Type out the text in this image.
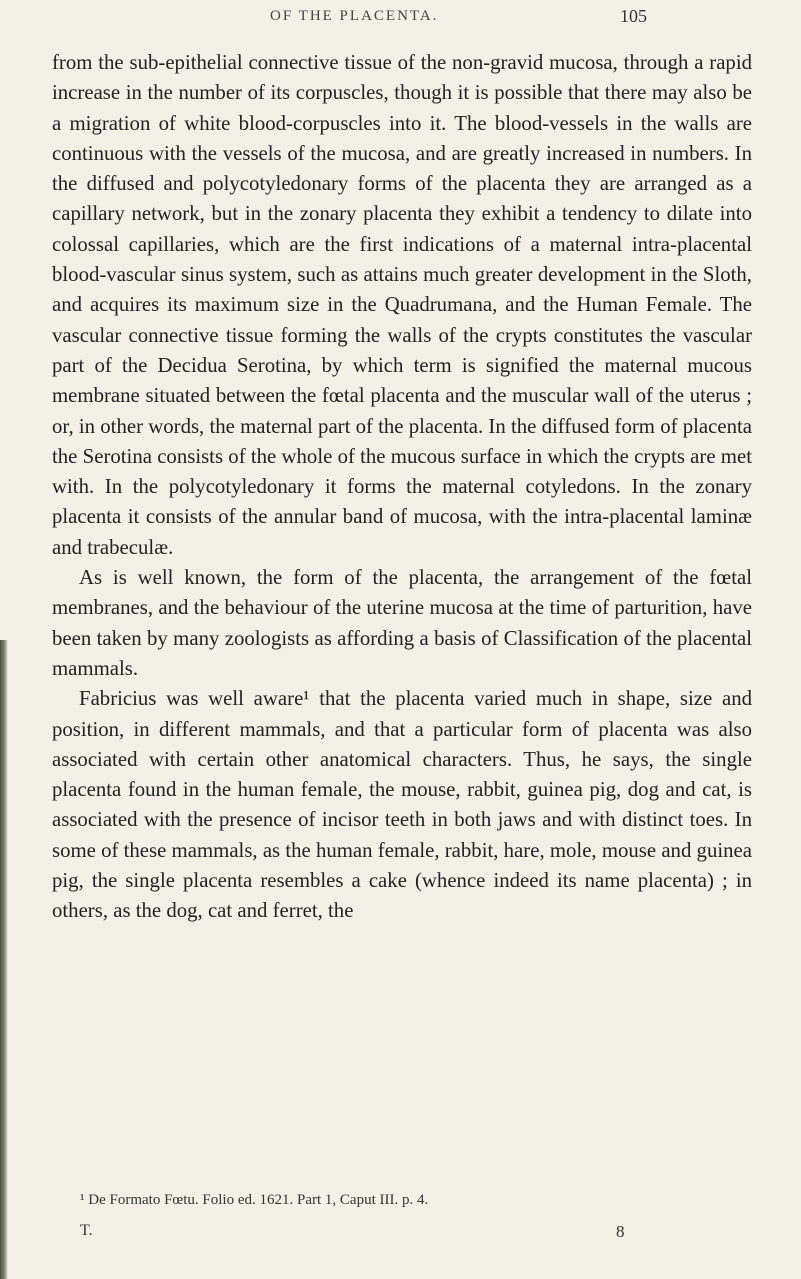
OF THE PLACENTA.	105

from the sub-epithelial connective tissue of the non-gravid mucosa, through a rapid increase in the number of its corpuscles, though it is possible that there may also be a migration of white blood-corpuscles into it. The blood-vessels in the walls are continuous with the vessels of the mucosa, and are greatly increased in numbers. In the diffused and polycotyledonary forms of the placenta they are arranged as a capillary network, but in the zonary placenta they exhibit a tendency to dilate into colossal capillaries, which are the first indications of a maternal intra-placental blood-vascular sinus system, such as attains much greater development in the Sloth, and acquires its maximum size in the Quadrumana, and the Human Female. The vascular connective tissue forming the walls of the crypts constitutes the vascular part of the Decidua Serotina, by which term is signified the maternal mucous membrane situated between the fœtal placenta and the muscular wall of the uterus ; or, in other words, the maternal part of the placenta. In the diffused form of placenta the Serotina consists of the whole of the mucous surface in which the crypts are met with. In the polycotyledonary it forms the maternal cotyledons. In the zonary placenta it consists of the annular band of mucosa, with the intra-placental laminæ and trabeculæ.

As is well known, the form of the placenta, the arrangement of the fœtal membranes, and the behaviour of the uterine mucosa at the time of parturition, have been taken by many zoologists as affording a basis of Classification of the placental mammals.

Fabricius was well aware¹ that the placenta varied much in shape, size and position, in different mammals, and that a particular form of placenta was also associated with certain other anatomical characters. Thus, he says, the single placenta found in the human female, the mouse, rabbit, guinea pig, dog and cat, is associated with the presence of incisor teeth in both jaws and with distinct toes. In some of these mammals, as the human female, rabbit, hare, mole, mouse and guinea pig, the single placenta resembles a cake (whence indeed its name placenta) ; in others, as the dog, cat and ferret, the

¹ De Formato Fœtu. Folio ed. 1621. Part 1, Caput III. p. 4.
T.	8
